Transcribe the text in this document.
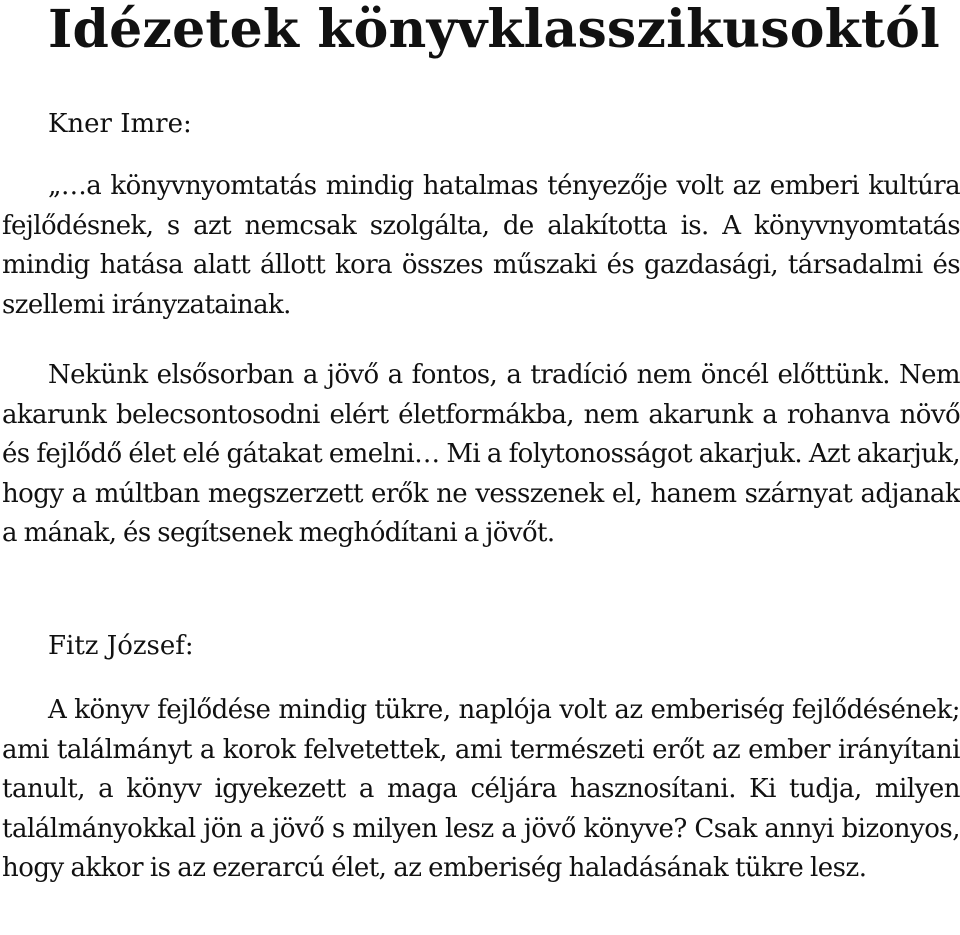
Idézetek könyvklasszikusoktól

Kner Imre:

„…a könyvnyomtatás mindig hatalmas tényezője volt az emberi kultúra fejlődésnek, s azt nemcsak szolgálta, de alakította is. A könyvnyomtatás mindig hatása alatt állott kora összes műszaki és gazdasági, társadalmi és szellemi irányzatainak.

Nekünk elsősorban a jövő a fontos, a tradíció nem öncél előttünk. Nem akarunk belecsontosodni elért életformákba, nem akarunk a rohanva növő és fejlődő élet elé gátakat emelni… Mi a folytonosságot akarjuk. Azt akarjuk, hogy a múltban megszerzett erők ne vesszenek el, hanem szárnyat adjanak a mának, és segítsenek meghódítani a jövőt.

Fitz József:

A könyv fejlődése mindig tükre, naplója volt az emberiség fejlődésének; ami találmányt a korok felvetettek, ami természeti erőt az ember irányítani tanult, a könyv igyekezett a maga céljára hasznosítani. Ki tudja, milyen találmányokkal jön a jövő s milyen lesz a jövő könyve? Csak annyi bizonyos, hogy akkor is az ezerarcú élet, az emberiség haladásának tükre lesz.
